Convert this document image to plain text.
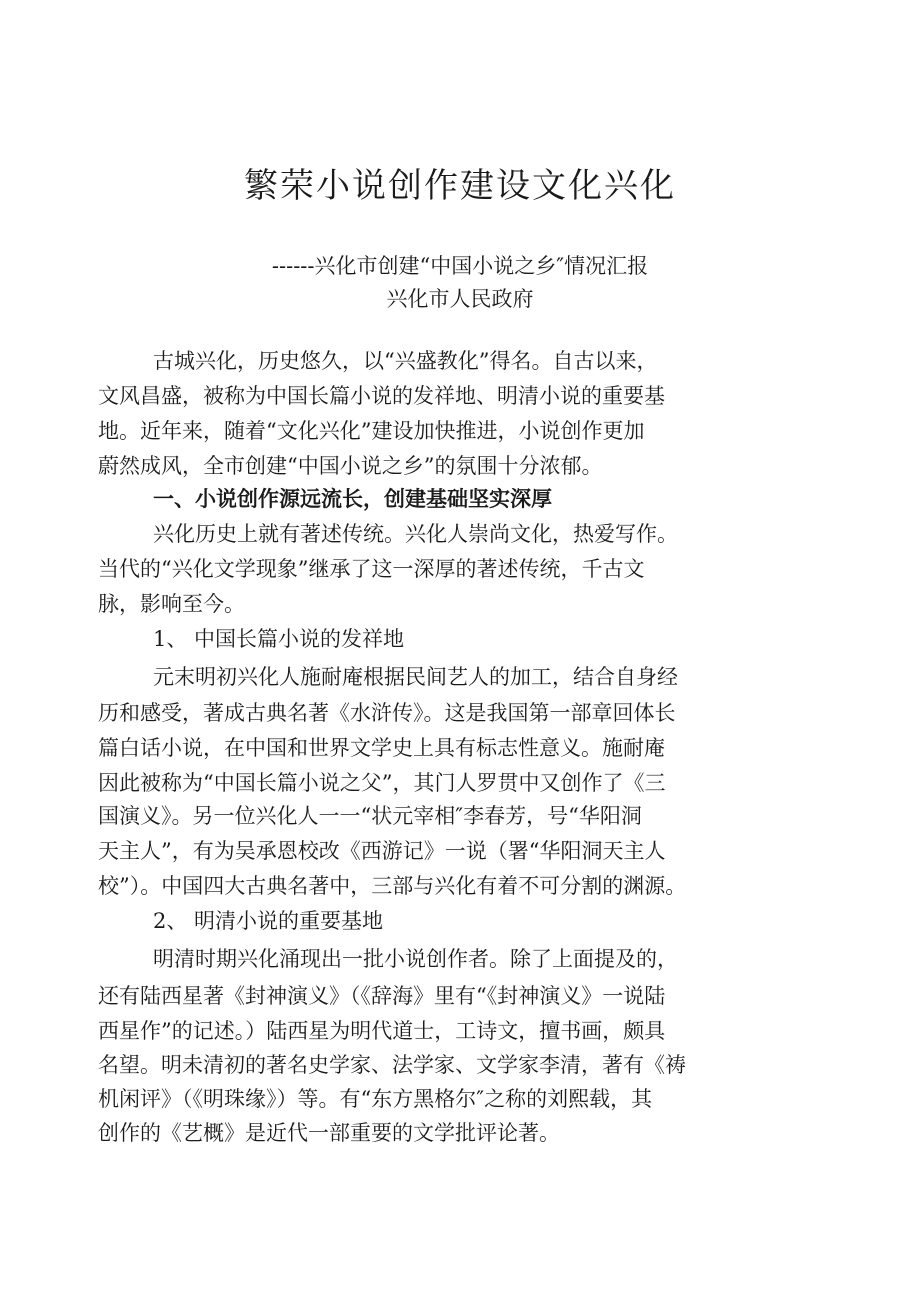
繁荣小说创作建设文化兴化

------兴化市创建“中国小说之乡″情况汇报

兴化市人民政府

古城兴化，历史悠久，以“兴盛教化”得名。自古以来，

文风昌盛，被称为中国长篇小说的发祥地、明清小说的重要基

地。近年来，随着“文化兴化”建设加快推进，小说创作更加

蔚然成风，全市创建“中国小说之乡”的氛围十分浓郁。

一、小说创作源远流长，创建基础坚实深厚

兴化历史上就有著述传统。兴化人崇尚文化，热爱写作。

当代的“兴化文学现象”继承了这一深厚的著述传统，千古文

脉，影响至今。

1、 中国长篇小说的发祥地

元末明初兴化人施耐庵根据民间艺人的加工，结合自身经

历和感受，著成古典名著《水浒传》。这是我国第一部章回体长

篇白话小说，在中国和世界文学史上具有标志性意义。施耐庵

因此被称为“中国长篇小说之父”，其门人罗贯中又创作了《三

国演义》。另一位兴化人一一“状元宰相″李春芳，号“华阳洞

天主人”，有为吴承恩校改《西游记》一说（署“华阳洞天主人

校”）。中国四大古典名著中，三部与兴化有着不可分割的渊源。

2、 明清小说的重要基地

明清时期兴化涌现出一批小说创作者。除了上面提及的，

还有陆西星著《封神演义》（《辞海》里有“《封神演义》一说陆

西星作”的记述。）陆西星为明代道士，工诗文，擅书画，颇具

名望。明未清初的著名史学家、法学家、文学家李清，著有《祷

机闲评》（《明珠缘》）等。有“东方黑格尔″之称的刘熙载，其

创作的《艺概》是近代一部重要的文学批评论著。
